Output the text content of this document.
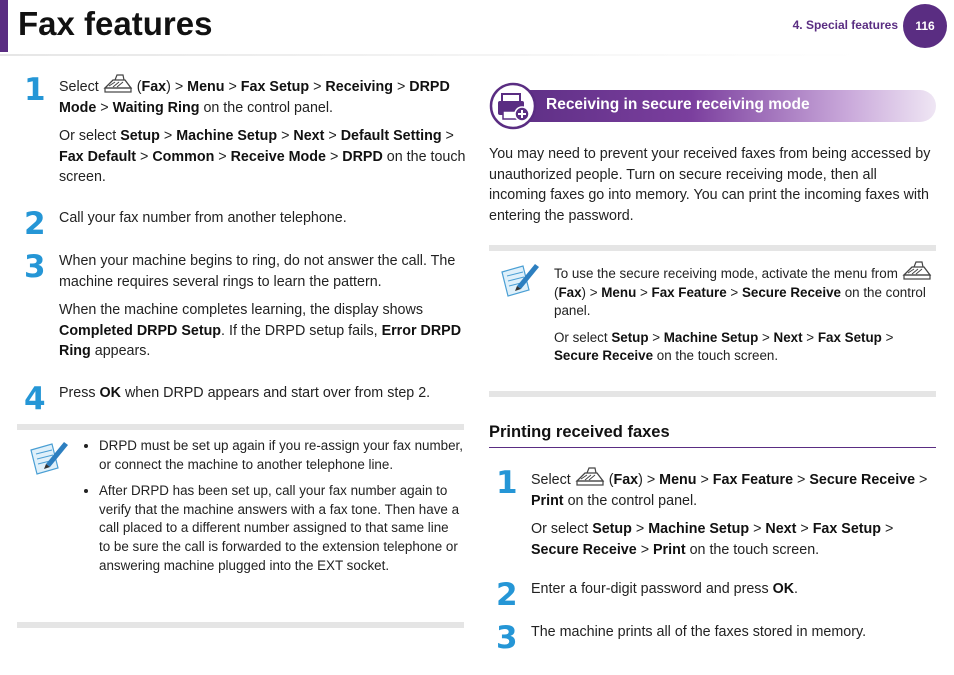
Fax features	4. Special features	116
1 Select  (Fax) > Menu > Fax Setup > Receiving > DRPD Mode > Waiting Ring on the control panel.

Or select Setup > Machine Setup > Next > Default Setting > Fax Default > Common > Receive Mode > DRPD on the touch screen.

2 Call your fax number from another telephone.
3 When your machine begins to ring, do not answer the call. The machine requires several rings to learn the pattern.

When the machine completes learning, the display shows Completed DRPD Setup. If the DRPD setup fails, Error DRPD Ring appears.

4 Press OK when DRPD appears and start over from step 2.
• DRPD must be set up again if you re-assign your fax number, or connect the machine to another telephone line.
• After DRPD has been set up, call your fax number again to verify that the machine answers with a fax tone. Then have a call placed to a different number assigned to that same line to be sure the call is forwarded to the extension telephone or answering machine plugged into the EXT socket.
Receiving in secure receiving mode
You may need to prevent your received faxes from being accessed by unauthorized people. Turn on secure receiving mode, then all incoming faxes go into memory. You can print the incoming faxes with entering the password.

To use the secure receiving mode, activate the menu from  (Fax) > Menu > Fax Feature > Secure Receive on the control panel.

Or select Setup > Machine Setup > Next > Fax Setup > Secure Receive on the touch screen.

Printing received faxes
1 Select  (Fax) > Menu > Fax Feature > Secure Receive > Print on the control panel.

Or select Setup > Machine Setup > Next > Fax Setup > Secure Receive > Print on the touch screen.

2 Enter a four-digit password and press OK.
3 The machine prints all of the faxes stored in memory.
